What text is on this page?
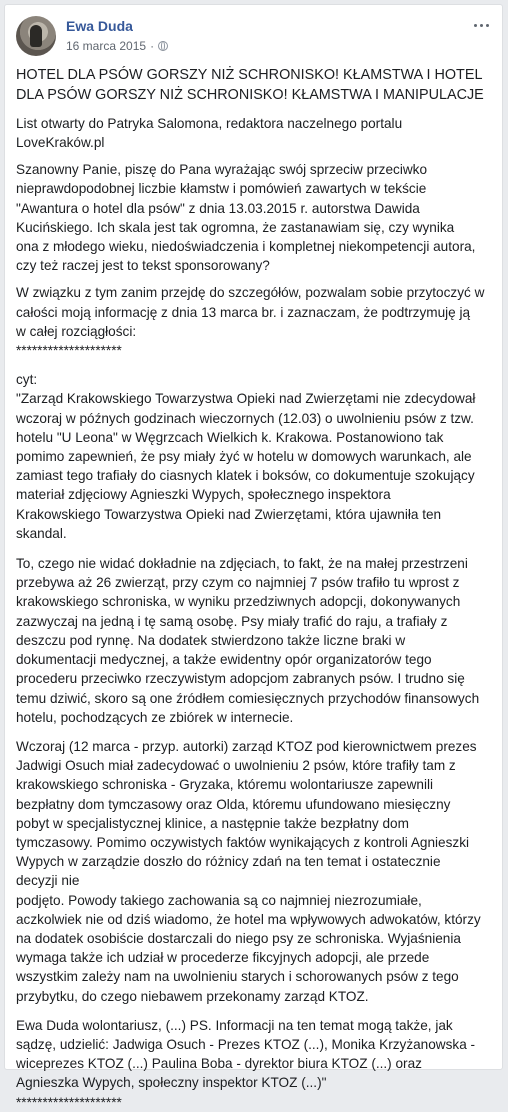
Ewa Duda
16 marca 2015 ·

HOTEL DLA PSÓW GORSZY NIŻ SCHRONISKO! KŁAMSTWA I HOTEL
DLA PSÓW GORSZY NIŻ SCHRONISKO! KŁAMSTWA I MANIPULACJE

List otwarty do Patryka Salomona, redaktora naczelnego portalu
LoveKraków.pl

Szanowny Panie, piszę do Pana wyrażając swój sprzeciw przeciwko
nieprawdopodobnej liczbie kłamstw i pomówień zawartych w tekście
"Awantura o hotel dla psów" z dnia 13.03.2015 r. autorstwa Dawida
Kucińskiego. Ich skala jest tak ogromna, że zastanawiam się, czy wynika
ona z młodego wieku, niedoświadczenia i kompletnej niekompetencji autora,
czy też raczej jest to tekst sponsorowany?

W związku z tym zanim przejdę do szczegółów, pozwalam sobie przytoczyć w
całości moją informację z dnia 13 marca br. i zaznaczam, że podtrzymuję ją
w całej rozciągłości:
********************

cyt:
"Zarząd Krakowskiego Towarzystwa Opieki nad Zwierzętami nie zdecydował
wczoraj w późnych godzinach wieczornych (12.03) o uwolnieniu psów z tzw.
hotelu "U Leona" w Węgrzcach Wielkich k. Krakowa. Postanowiono tak
pomimo zapewnień, że psy miały żyć w hotelu w domowych warunkach, ale
zamiast tego trafiały do ciasnych klatek i boksów, co dokumentuje szokujący
materiał zdjęciowy Agnieszki Wypych, społecznego inspektora
Krakowskiego Towarzystwa Opieki nad Zwierzętami, która ujawniła ten
skandal.

To, czego nie widać dokładnie na zdjęciach, to fakt, że na małej przestrzeni
przebywa aż 26 zwierząt, przy czym co najmniej 7 psów trafiło tu wprost z
krakowskiego schroniska, w wyniku przedziwnych adopcji, dokonywanych
zazwyczaj na jedną i tę samą osobę. Psy miały trafić do raju, a trafiały z
deszczu pod rynnę. Na dodatek stwierdzono także liczne braki w
dokumentacji medycznej, a także ewidentny opór organizatorów tego
procederu przeciwko rzeczywistym adopcjom zabranych psów. I trudno się
temu dziwić, skoro są one źródłem comiesięcznych przychodów finansowych
hotelu, pochodzących ze zbiórek w internecie.

Wczoraj (12 marca - przyp. autorki) zarząd KTOZ pod kierownictwem prezes
Jadwigi Osuch miał zadecydować o uwolnieniu 2 psów, które trafiły tam z
krakowskiego schroniska - Gryzaka, któremu wolontariusze zapewnili
bezpłatny dom tymczasowy oraz Olda, któremu ufundowano miesięczny
pobyt w specjalistycznej klinice, a następnie także bezpłatny dom
tymczasowy. Pomimo oczywistych faktów wynikających z kontroli Agnieszki
Wypych w zarządzie doszło do różnicy zdań na ten temat i ostatecznie
decyzji nie
podjęto. Powody takiego zachowania są co najmniej niezrozumiałe,
aczkolwiek nie od dziś wiadomo, że hotel ma wpływowych adwokatów, którzy
na dodatek osobiście dostarczali do niego psy ze schroniska. Wyjaśnienia
wymaga także ich udział w procederze fikcyjnych adopcji, ale przede
wszystkim zależy nam na uwolnieniu starych i schorowanych psów z tego
przybytku, do czego niebawem przekonamy zarząd KTOZ.

Ewa Duda wolontariusz, (...) PS. Informacji na ten temat mogą także, jak
sądzę, udzielić: Jadwiga Osuch - Prezes KTOZ (...), Monika Krzyżanowska -
wiceprezes KTOZ (...) Paulina Boba - dyrektor biura KTOZ (...) oraz
Agnieszka Wypych, społeczny inspektor KTOZ (...)"
********************
